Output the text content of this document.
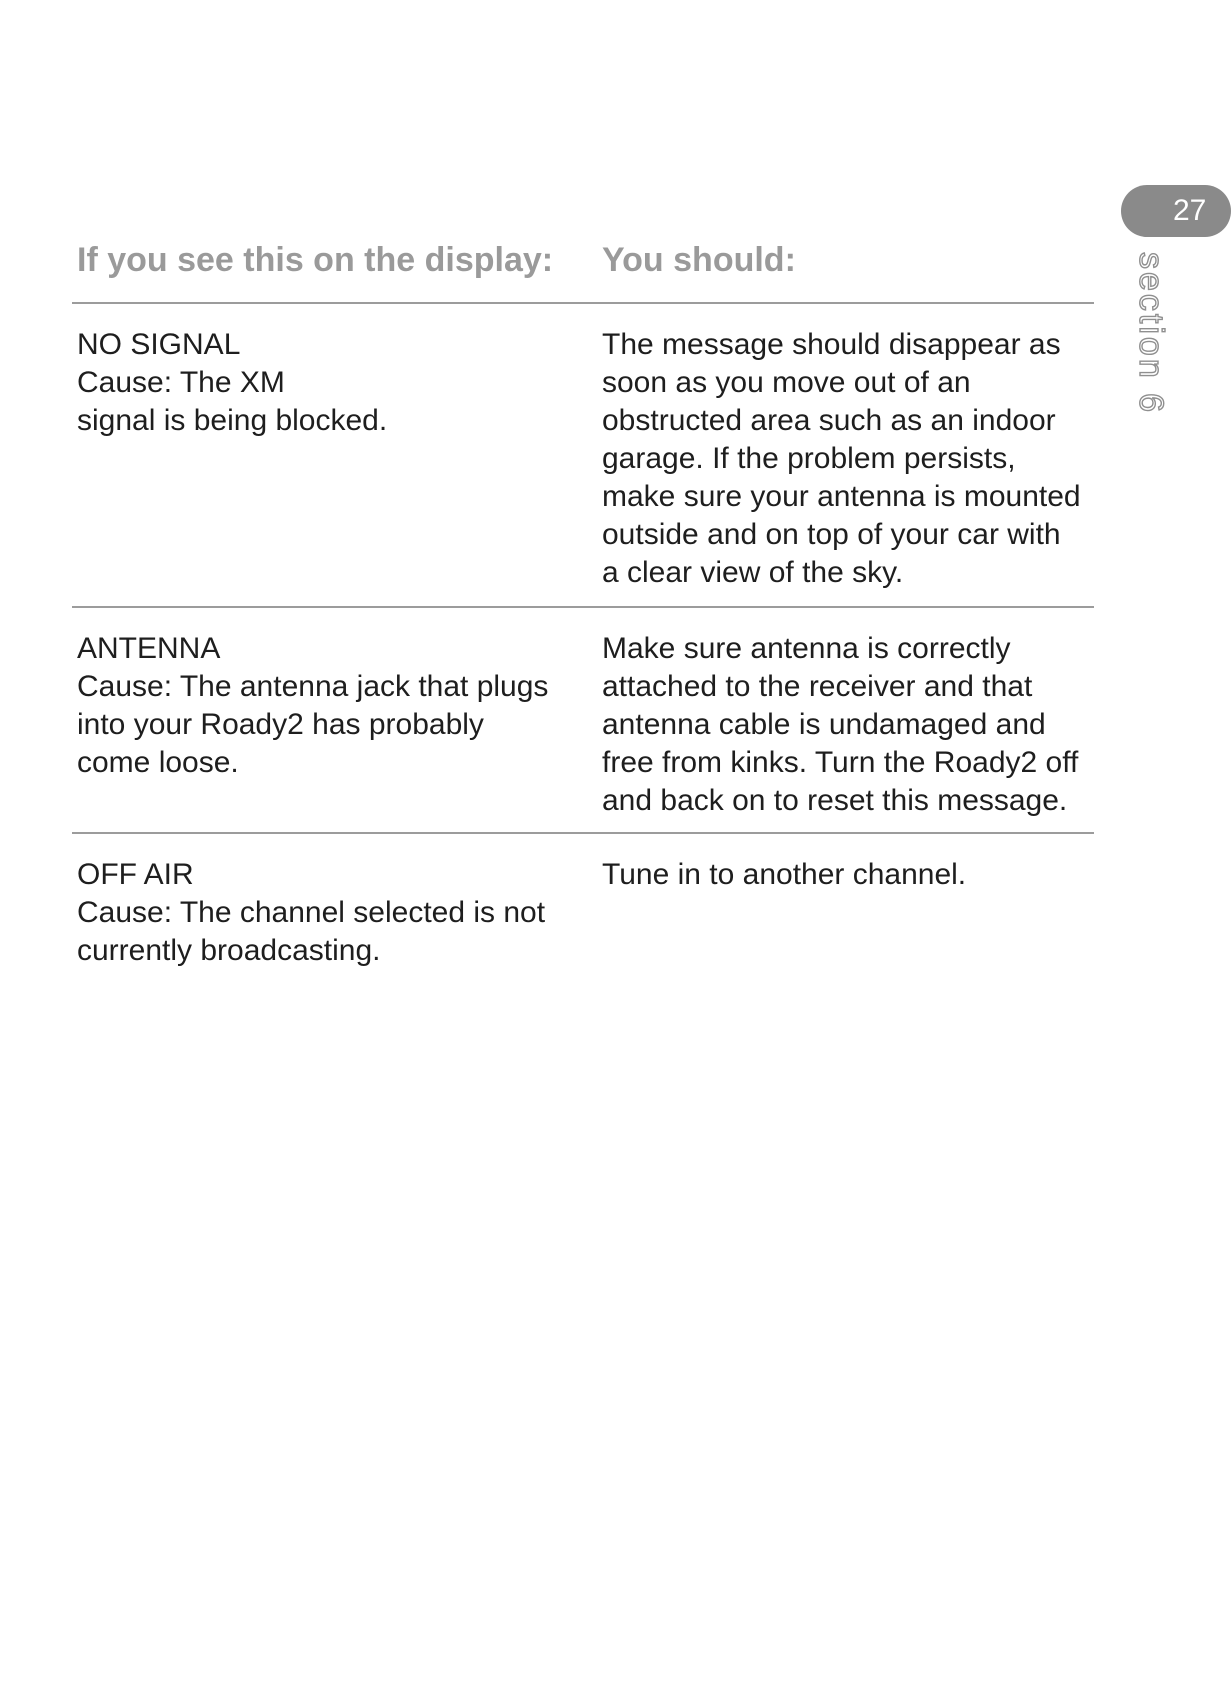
27
section 6
If you see this on the display:	You should:
NO SIGNAL
Cause: The XM
signal is being blocked.
The message should disappear as
soon as you move out of an
obstructed area such as an indoor
garage. If the problem persists,
make sure your antenna is mounted
outside and on top of your car with
a clear view of the sky.
ANTENNA
Cause: The antenna jack that plugs
into your Roady2 has probably
come loose.
Make sure antenna is correctly
attached to the receiver and that
antenna cable is undamaged and
free from kinks. Turn the Roady2 off
and back on to reset this message.
OFF AIR
Cause: The channel selected is not
currently broadcasting.
Tune in to another channel.
